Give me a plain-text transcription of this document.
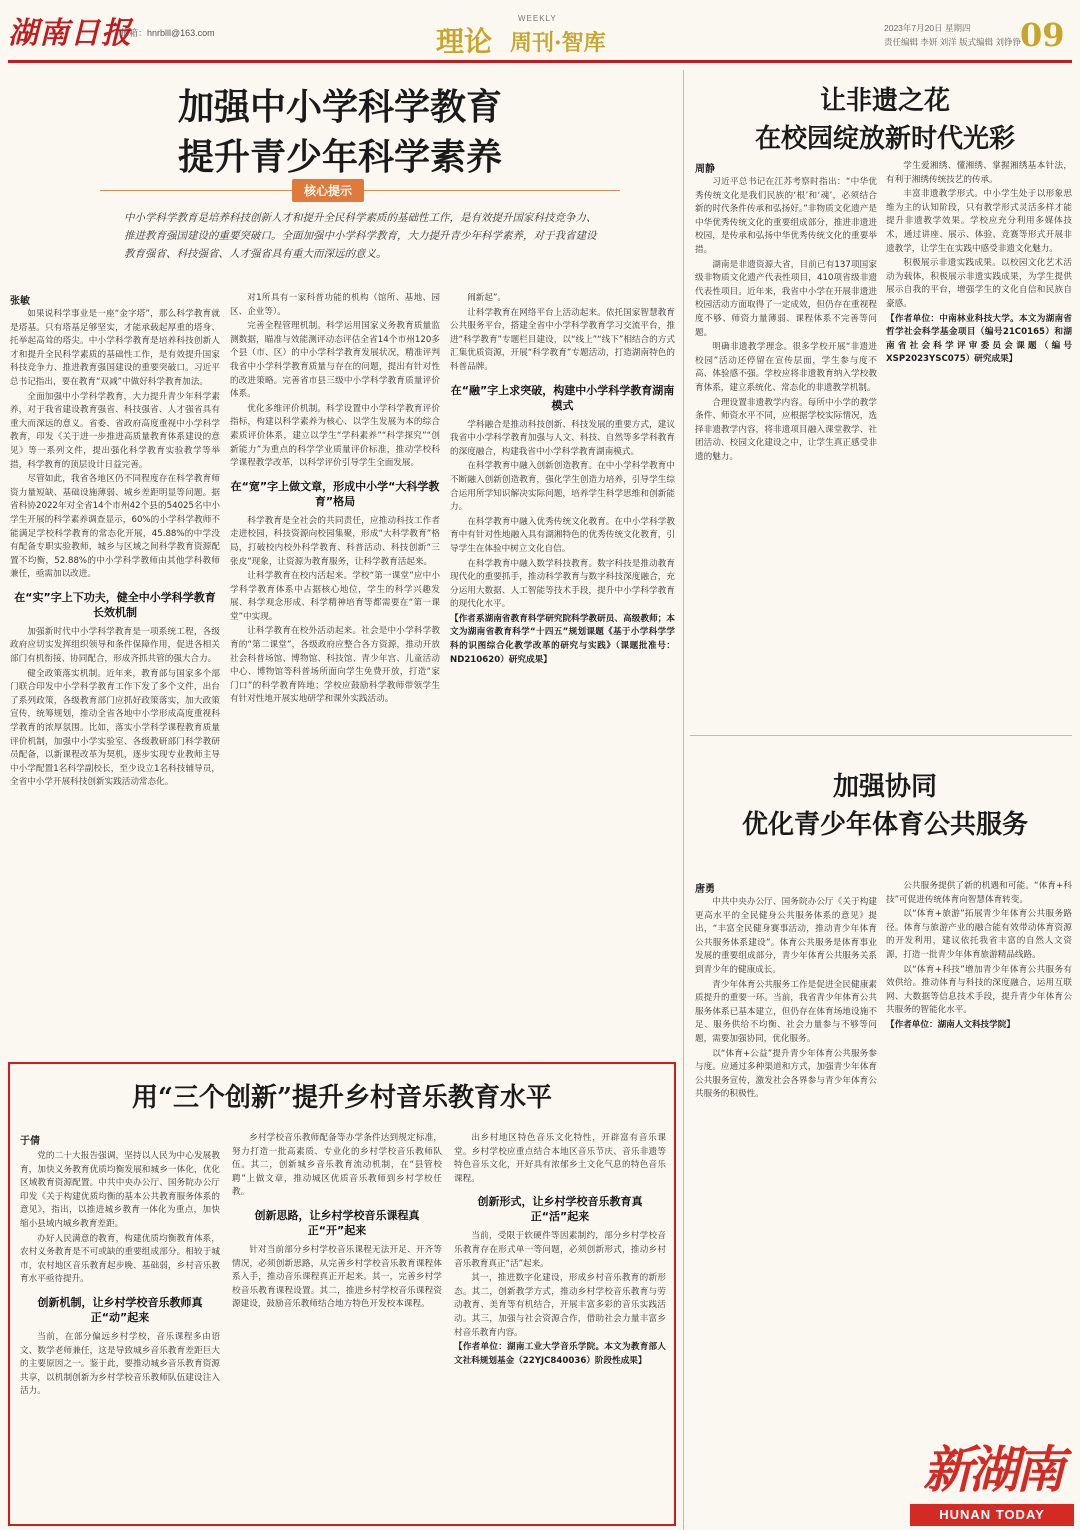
湖南日报
邮箱：hnrblll@163.com	理论
WEEKLY
周刊·智库
2023年7月20日 星期四
责任编辑 李妍 刘洋 版式编辑 刘铮铮 09
加强中小学科学教育
提升青少年科学素养
核心提示
中小学科学教育是培养科技创新人才和提升全民科学素质的基础性工作，是有效提升国家科技竞争力、推进教育强国建设的重要突破口。全面加强中小学科学教育，大力提升青少年科学素养，对于我省建设教育强省、科技强省、人才强省具有重大而深远的意义。
张敏

如果说科学事业是一座“金字塔”，那么科学教育就是塔基。只有塔基足够坚实，才能承载起厚重的塔身、托举起高耸的塔尖。中小学科学教育是培养科技创新人才和提升全民科学素质的基础性工作，是有效提升国家科技竞争力、推进教育强国建设的重要突破口。习近平总书记指出，要在教育“双减”中做好科学教育加法。

全面加强中小学科学教育，大力提升青少年科学素养，对于我省建设教育强省、科技强省、人才强省具有重大而深远的意义。省委、省政府高度重视中小学科学教育，印发《关于进一步推进高质量教育体系建设的意见》等一系列文件，提出强化科学教育实验教学等举措，科学教育的顶层设计日益完善。

尽管如此，我省各地区仍不同程度存在科学教育师资力量短缺、基础设施薄弱、城乡差距明显等问题。据省科协2022年对全省14个市州42个县的54025名中小学生开展的科学素养调查显示，60%的小学科学教师不能满足学校科学教育的常态化开展，45.88%的中学没有配备专职实验教师，城乡与区域之间科学教育资源配置不均衡，52.88%的中小学科学教师由其他学科教师兼任，亟需加以改进。

在“实”字上下功夫，健全中小学科学教育长效机制

加强新时代中小学科学教育是一项系统工程，各级政府应切实发挥组织领导和条件保障作用，促进各相关部门有机衔接、协同配合，形成齐抓共管的强大合力。

健全政策落实机制。近年来，教育部与国家多个部门联合印发中小学科学教育工作下发了多个文件，出台了系列政策，各级教育部门应抓好政策落实，加大政策宣传，统筹规划，推动全省各地中小学形成高度重视科学教育的浓厚氛围。比如，落实小学科学课程教育质量评价机制，加强中小学实验室、各级教研部门科学教研员配备，以新课程改革为契机，逐步实现专业教师主导中小学配置1名科学副校长，至少设立1名科技辅导员，全省中小学开展科技创新实践活动常态化。

对1所具有一家科普功能的机构（馆所、基地、园区、企业等）。

完善全程管理机制。科学运用国家义务教育质量监测数据，瞄准与效能测评动态评估全省14个市州120多个县（市、区）的中小学科学教育发展状况，精准评判我省中小学科学教育质量与存在的问题，提出有针对性的改进策略。完善省市县三级中小学科学教育质量评价体系。

优化多维评价机制。科学设置中小学科学教育评价指标，构建以科学素养为核心、以学生发展为本的综合素质评价体系，建立以学生“学科素养”“科学探究”“创新能力”为重点的科学学业质量评价标准，推动学校科学课程教学改革，以科学评价引导学生全面发展。

在“宽”字上做文章，形成中小学“大科学教育”格局

科学教育是全社会的共同责任，应推动科技工作者走进校园，科技资源向校园集聚，形成“大科学教育”格局，打破校内校外科学教育、科普活动、科技创新“三张皮”现象，让资源为教育服务，让科学教育活起来。

让科学教育在校内活起来。学校“第一课堂”应中小学科学教育体系中占据核心地位，学生的科学兴趣发展、科学观念形成、科学精神培育等都需要在“第一课堂”中实现。

让科学教育在校外活动起来。社会是中小学科学教育的“第二课堂”，各级政府应整合各方资源，推动开放社会科普场馆、博物馆、科技馆、青少年宫、儿童活动中心、博物馆等科普场所面向学生免费开放，打造“家门口”的科学教育阵地；学校应鼓励科学教师带领学生有针对性地开展实地研学和课外实践活动。

闹新起”。

让科学教育在网络平台上活动起来。依托国家智慧教育公共服务平台，搭建全省中小学科学教育学习交流平台，推进“科学教育”专题栏目建设，以“线上”“线下”相结合的方式汇集优质资源，开展“科学教育”专题活动，打造湖南特色的科普品牌。

在“融”字上求突破，构建中小学科学教育湖南模式

学科融合是推动科技创新、科技发展的重要方式，建议我省中小学科学教育加强与人文、科技、自然等多学科教育的深度融合，构建我省中小学科学教育湖南模式。

在科学教育中融入创新创造教育。在中小学科学教育中不断融入创新创造教育，强化学生创造力培养，引导学生综合运用所学知识解决实际问题，培养学生科学思维和创新能力。

在科学教育中融入优秀传统文化教育。在中小学科学教育中有针对性地融入具有湖湘特色的优秀传统文化教育，引导学生在体验中树立文化自信。

在科学教育中融入数学科技教育。数字科技是推动教育现代化的重要抓手，推动科学教育与数字科技深度融合，充分运用大数据、人工智能等技术手段，提升中小学科学教育的现代化水平。

【作者系湖南省教育科学研究院科学教研员、高级教师；本文为湖南省教育科学“十四五”规划课题《基于小学科学学科的识图综合化教学改革的研究与实践》（课题批准号：ND210620）研究成果】

让非遗之花
在校园绽放新时代光彩
周静

习近平总书记在江苏考察时指出：“中华优秀传统文化是我们民族的‘根’和‘魂’，必须结合新的时代条件传承和弘扬好。”非物质文化遗产是中华优秀传统文化的重要组成部分，推进非遗进校园，是传承和弘扬中华优秀传统文化的重要举措。

湖南是非遗资源大省，目前已有137项国家级非物质文化遗产代表性项目，410项省级非遗代表性项目。近年来，我省中小学在开展非遗进校园活动方面取得了一定成效，但仍存在重视程度不够、师资力量薄弱、课程体系不完善等问题。

明确非遗教学理念。很多学校开展“非遗进校园”活动还停留在宣传层面，学生参与度不高、体验感不强。学校应将非遗教育纳入学校教育体系，建立系统化、常态化的非遗教学机制。

合理设置非遗教学内容。每所中小学的教学条件、师资水平不同，应根据学校实际情况，选择非遗教学内容，将非遗项目融入课堂教学、社团活动、校园文化建设之中，让学生真正感受非遗的魅力。

学生爱湘绣、懂湘绣、掌握湘绣基本针法，有利于湘绣传统技艺的传承。

丰富非遗教学形式。中小学生处于以形象思维为主的认知阶段，只有教学形式灵活多样才能提升非遗教学效果。学校应充分利用多媒体技术，通过讲座、展示、体验、竞赛等形式开展非遗教学，让学生在实践中感受非遗文化魅力。

积极展示非遗实践成果。以校园文化艺术活动为载体，积极展示非遗实践成果，为学生提供展示自我的平台，增强学生的文化自信和民族自豪感。

【作者单位：中南林业科技大学。本文为湖南省哲学社会科学基金项目（编号21C0165）和湖南省社会科学评审委员会课题（编号XSP2023YSC075）研究成果】

加强协同
优化青少年体育公共服务
唐勇

中共中央办公厅、国务院办公厅《关于构建更高水平的全民健身公共服务体系的意见》提出，“丰富全民健身赛事活动，推动青少年体育公共服务体系建设”。体育公共服务是体育事业发展的重要组成部分，青少年体育公共服务关系到青少年的健康成长。

青少年体育公共服务工作是促进全民健康素质提升的重要一环。当前，我省青少年体育公共服务体系已基本建立，但仍存在体育场地设施不足、服务供给不均衡、社会力量参与不够等问题，需要加强协同，优化服务。

以“体育+公益”提升青少年体育公共服务参与度。应通过多种渠道和方式，加强青少年体育公共服务宣传，激发社会各界参与青少年体育公共服务的积极性。

公共服务提供了新的机遇和可能。“体育+科技”可促进传统体育向智慧体育转变。

以“体育+旅游”拓展青少年体育公共服务路径。体育与旅游产业的融合能有效带动体育资源的开发利用，建议依托我省丰富的自然人文资源，打造一批青少年体育旅游精品线路。

以“体育+科技”增加青少年体育公共服务有效供给。推动体育与科技的深度融合，运用互联网、大数据等信息技术手段，提升青少年体育公共服务的智能化水平。

【作者单位：湖南人文科技学院】

用“三个创新”提升乡村音乐教育水平
于倩

党的二十大报告强调，坚持以人民为中心发展教育，加快义务教育优质均衡发展和城乡一体化，优化区域教育资源配置。中共中央办公厅、国务院办公厅印发《关于构建优质均衡的基本公共教育服务体系的意见》，指出，以推进城乡教育一体化为重点，加快缩小县域内城乡教育差距。

办好人民满意的教育，构建优质均衡教育体系，农村义务教育是不可或缺的重要组成部分。相较于城市，农村地区音乐教育起步晚、基础弱，乡村音乐教育水平亟待提升。

创新机制，让乡村学校音乐教师真正“动”起来

当前，在部分偏远乡村学校，音乐课程多由语文、数学老师兼任，这是导致城乡音乐教育差距巨大的主要原因之一。鉴于此，要推动城乡音乐教育资源共享，以机制创新为乡村学校音乐教师队伍建设注入活力。

乡村学校音乐教师配备等办学条件达到规定标准，努力打造一批高素质、专业化的乡村学校音乐教师队伍。其二，创新城乡音乐教育流动机制，在“县管校聘”上做文章，推动城区优质音乐教师到乡村学校任教。

创新思路，让乡村学校音乐课程真正“开”起来

针对当前部分乡村学校音乐课程无法开足、开齐等情况，必须创新思路，从完善乡村学校音乐教育课程体系入手，推动音乐课程真正开起来。其一，完善乡村学校音乐教育课程设置。其二，推进乡村学校音乐课程资源建设，鼓励音乐教师结合地方特色开发校本课程。

出乡村地区特色音乐文化特性，开辟富有音乐课堂。乡村学校应重点结合本地区音乐节庆、音乐非遗等特色音乐文化，开好具有浓郁乡土文化气息的特色音乐课程。

创新形式，让乡村学校音乐教育真正“活”起来

当前，受限于软硬件等因素制约，部分乡村学校音乐教育存在形式单一等问题，必须创新形式，推动乡村音乐教育真正“活”起来。

其一，推进数字化建设，形成乡村音乐教育的新形态。其二，创新教学方式，推动乡村学校音乐教育与劳动教育、美育等有机结合，开展丰富多彩的音乐实践活动。其三，加强与社会资源合作，借助社会力量丰富乡村音乐教育内容。

【作者单位：湖南工业大学音乐学院。本文为教育部人文社科规划基金（22YJC840036）阶段性成果】

新湖南
HUNAN TODAY
